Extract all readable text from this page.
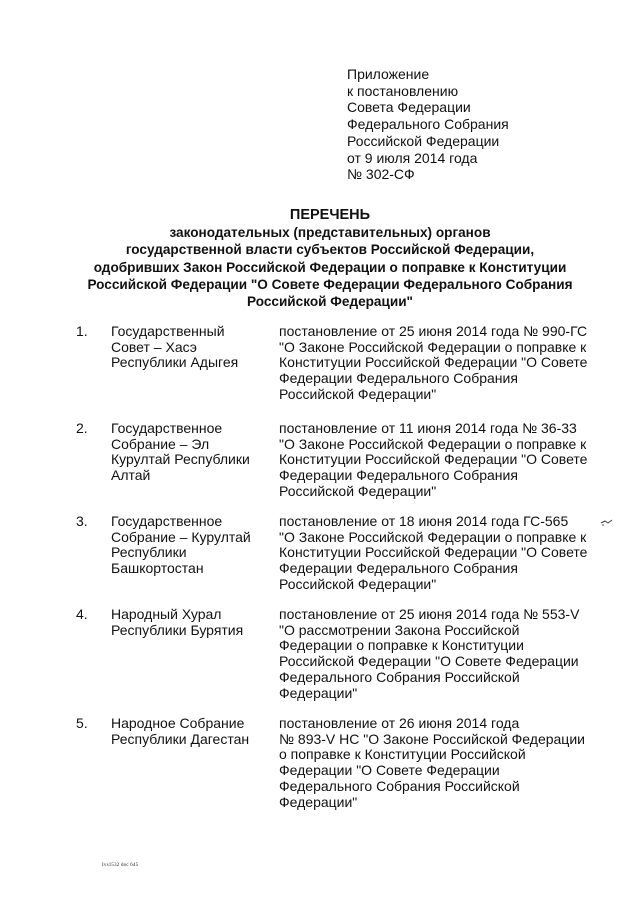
Приложение
к постановлению
Совета Федерации
Федерального Собрания
Российской Федерации
от 9 июля 2014 года
№ 302-СФ
ПЕРЕЧЕНЬ
законодательных (представительных) органов
государственной власти субъектов Российской Федерации,
одобривших Закон Российской Федерации о поправке к Конституции
Российской Федерации "О Совете Федерации Федерального Собрания
Российской Федерации"
1. Государственный
Совет – Хасэ
Республики Адыгея
постановление от 25 июня 2014 года № 990-ГС
"О Законе Российской Федерации о поправке к
Конституции Российской Федерации "О Совете
Федерации Федерального Собрания
Российской Федерации"
2. Государственное
Собрание – Эл
Курултай Республики
Алтай
постановление от 11 июня 2014 года № 36-33
"О Законе Российской Федерации о поправке к
Конституции Российской Федерации "О Совете
Федерации Федерального Собрания
Российской Федерации"
3. Государственное
Собрание – Курултай
Республики
Башкортостан
постановление от 18 июня 2014 года ГС-565
"О Законе Российской Федерации о поправке к
Конституции Российской Федерации "О Совете
Федерации Федерального Собрания
Российской Федерации"
4. Народный Хурал
Республики Бурятия
постановление от 25 июня 2014 года № 553-V
"О рассмотрении Закона Российской
Федерации о поправке к Конституции
Российской Федерации "О Совете Федерации
Федерального Собрания Российской
Федерации"
5. Народное Собрание
Республики Дагестан
постановление от 26 июня 2014 года
№ 893-V НС "О Законе Российской Федерации
о поправке к Конституции Российской
Федерации "О Совете Федерации
Федерального Собрания Российской
Федерации"
Ivs1532 doc 645
